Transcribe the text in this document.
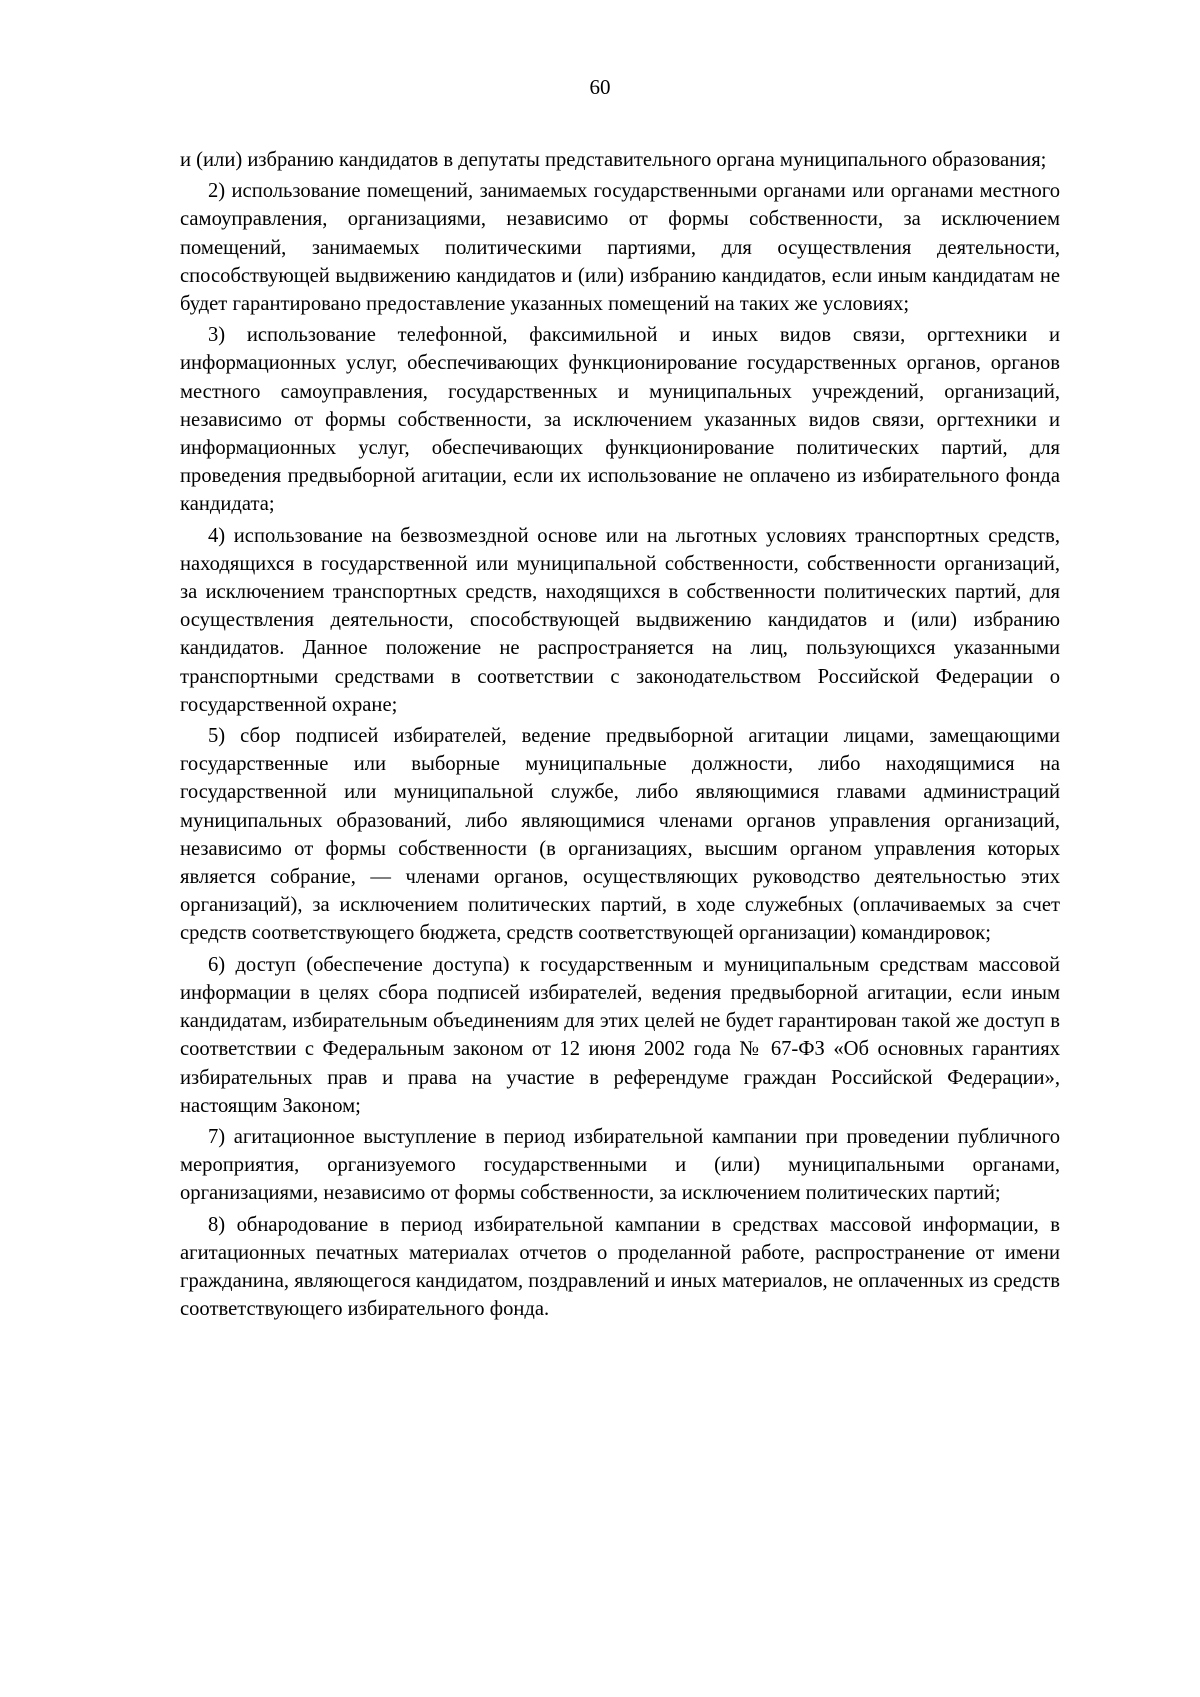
60

и (или) избранию кандидатов в депутаты представительного органа муниципального образования;

2) использование помещений, занимаемых государственными органами или органами местного самоуправления, организациями, независимо от формы собственности, за исключением помещений, занимаемых политическими партиями, для осуществления деятельности, способствующей выдвижению кандидатов и (или) избранию кандидатов, если иным кандидатам не будет гарантировано предоставление указанных помещений на таких же условиях;

3) использование телефонной, факсимильной и иных видов связи, оргтехники и информационных услуг, обеспечивающих функционирование государственных органов, органов местного самоуправления, государственных и муниципальных учреждений, организаций, независимо от формы собственности, за исключением указанных видов связи, оргтехники и информационных услуг, обеспечивающих функционирование политических партий, для проведения предвыборной агитации, если их использование не оплачено из избирательного фонда кандидата;

4) использование на безвозмездной основе или на льготных условиях транспортных средств, находящихся в государственной или муниципальной собственности, собственности организаций, за исключением транспортных средств, находящихся в собственности политических партий, для осуществления деятельности, способствующей выдвижению кандидатов и (или) избранию кандидатов. Данное положение не распространяется на лиц, пользующихся указанными транспортными средствами в соответствии с законодательством Российской Федерации о государственной охране;

5) сбор подписей избирателей, ведение предвыборной агитации лицами, замещающими государственные или выборные муниципальные должности, либо находящимися на государственной или муниципальной службе, либо являющимися главами администраций муниципальных образований, либо являющимися членами органов управления организаций, независимо от формы собственности (в организациях, высшим органом управления которых является собрание, — членами органов, осуществляющих руководство деятельностью этих организаций), за исключением политических партий, в ходе служебных (оплачиваемых за счет средств соответствующего бюджета, средств соответствующей организации) командировок;

6) доступ (обеспечение доступа) к государственным и муниципальным средствам массовой информации в целях сбора подписей избирателей, ведения предвыборной агитации, если иным кандидатам, избирательным объединениям для этих целей не будет гарантирован такой же доступ в соответствии с Федеральным законом от 12 июня 2002 года № 67-ФЗ «Об основных гарантиях избирательных прав и права на участие в референдуме граждан Российской Федерации», настоящим Законом;

7) агитационное выступление в период избирательной кампании при проведении публичного мероприятия, организуемого государственными и (или) муниципальными органами, организациями, независимо от формы собственности, за исключением политических партий;

8) обнародование в период избирательной кампании в средствах массовой информации, в агитационных печатных материалах отчетов о проделанной работе, распространение от имени гражданина, являющегося кандидатом, поздравлений и иных материалов, не оплаченных из средств соответствующего избирательного фонда.
